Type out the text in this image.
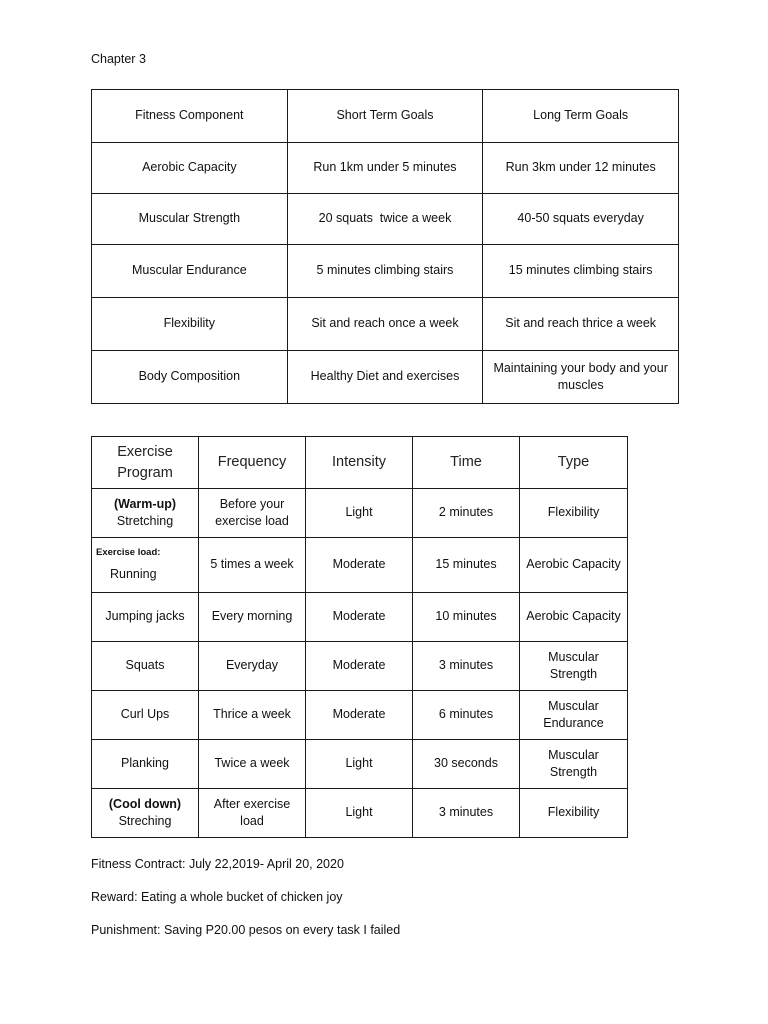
Chapter 3
Fitness Component	Short Term Goals	Long Term Goals
Aerobic Capacity	Run 1km under 5 minutes	Run 3km under 12 minutes
Muscular Strength	20 squats  twice a week	40-50 squats everyday
Muscular Endurance	5 minutes climbing stairs	15 minutes climbing stairs
Flexibility	Sit and reach once a week	Sit and reach thrice a week
Body Composition	Healthy Diet and exercises	Maintaining your body and your muscles
Exercise Program	Frequency	Intensity	Time	Type

(Warm-up)
Stretching	Before your exercise load	Light	2 minutes	Flexibility

Exercise load:
Running	5 times a week	Moderate	15 minutes	Aerobic Capacity
Jumping jacks	Every morning	Moderate	10 minutes	Aerobic Capacity
Squats	Everyday	Moderate	3 minutes	Muscular Strength
Curl Ups	Thrice a week	Moderate	6 minutes	Muscular Endurance
Planking	Twice a week	Light	30 seconds	Muscular Strength

(Cool down)
Streching	After exercise load	Light	3 minutes	Flexibility
Fitness Contract: July 22,2019- April 20, 2020
Reward: Eating a whole bucket of chicken joy
Punishment: Saving P20.00 pesos on every task I failed
